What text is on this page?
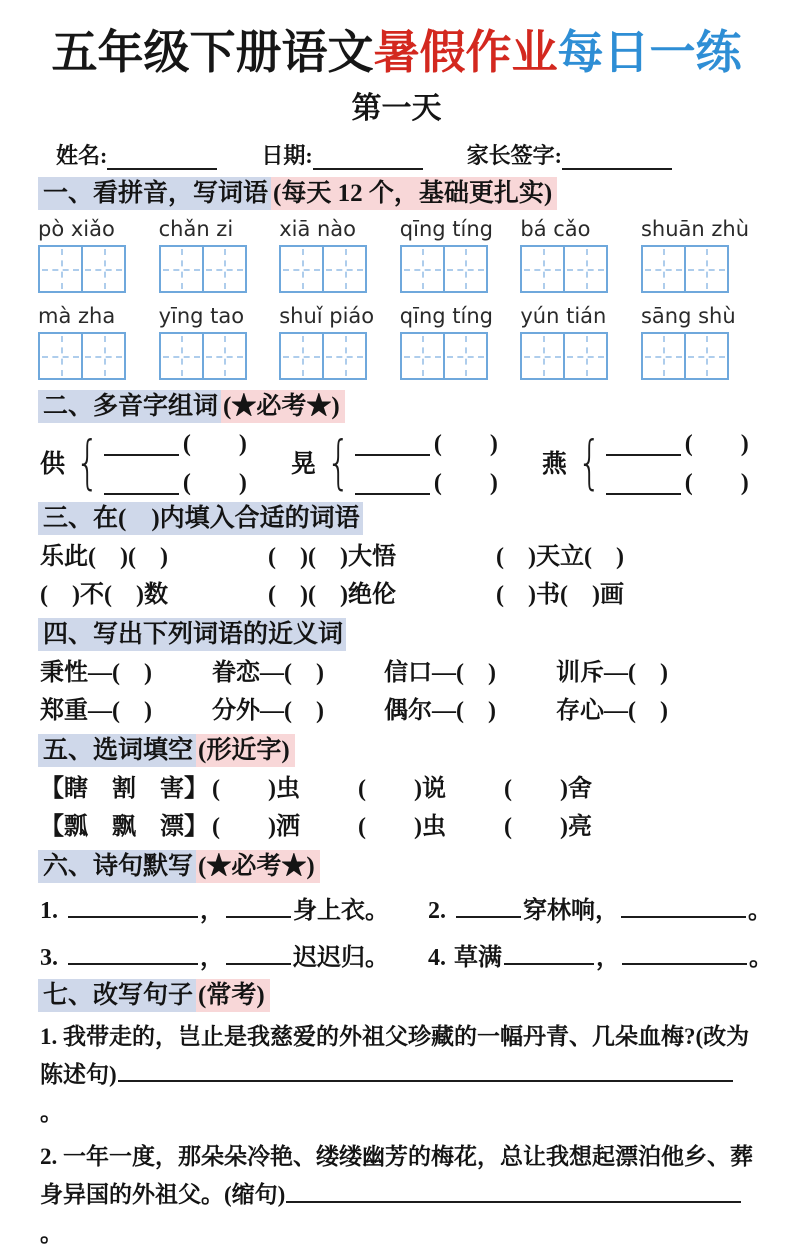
五年级下册语文暑假作业每日一练
第一天
姓名:	日期:	家长签字:
一、看拼音，写词语 (每天 12 个，基础更扎实)
pò xiǎo	chǎn zi	xiā nào	qīng tíng	bá cǎo	shuān zhù
mà zha	yīng tao	shuǐ piáo	qīng tíng	yún tián	sāng shù
二、多音字组词 (★必考★)
供 {	(　　)
(　　)
晃 {	(　　)
(　　)
燕 {	(　　)
(　　)
三、在(　)内填入合适的词语
乐此(　)(　)	(　)(　)大悟	(　)天立(　)
(　)不(　)数	(　)(　)绝伦	(　)书(　)画
四、写出下列词语的近义词
秉性—(　)	眷恋—(　)	信口—(　)	训斥—(　)
郑重—(　)	分外—(　)	偶尔—(　)	存心—(　)
五、选词填空 (形近字)
【瞎　割　害】 (　　)虫	(　　)说	(　　)舍
【瓢　飘　漂】 (　　)洒	(　　)虫	(　　)亮
六、诗句默写 (★必考★)
1.	，	身上衣。 2.	穿林响，	。
3.	，	迟迟归。 4. 草满	，	。
七、改写句子 (常考)
1. 我带走的，岂止是我慈爱的外祖父珍藏的一幅丹青、几朵血梅?(改为陈述句)。
2. 一年一度，那朵朵冷艳、缕缕幽芳的梅花，总让我想起漂泊他乡、葬身异国的外祖父。(缩句)。
